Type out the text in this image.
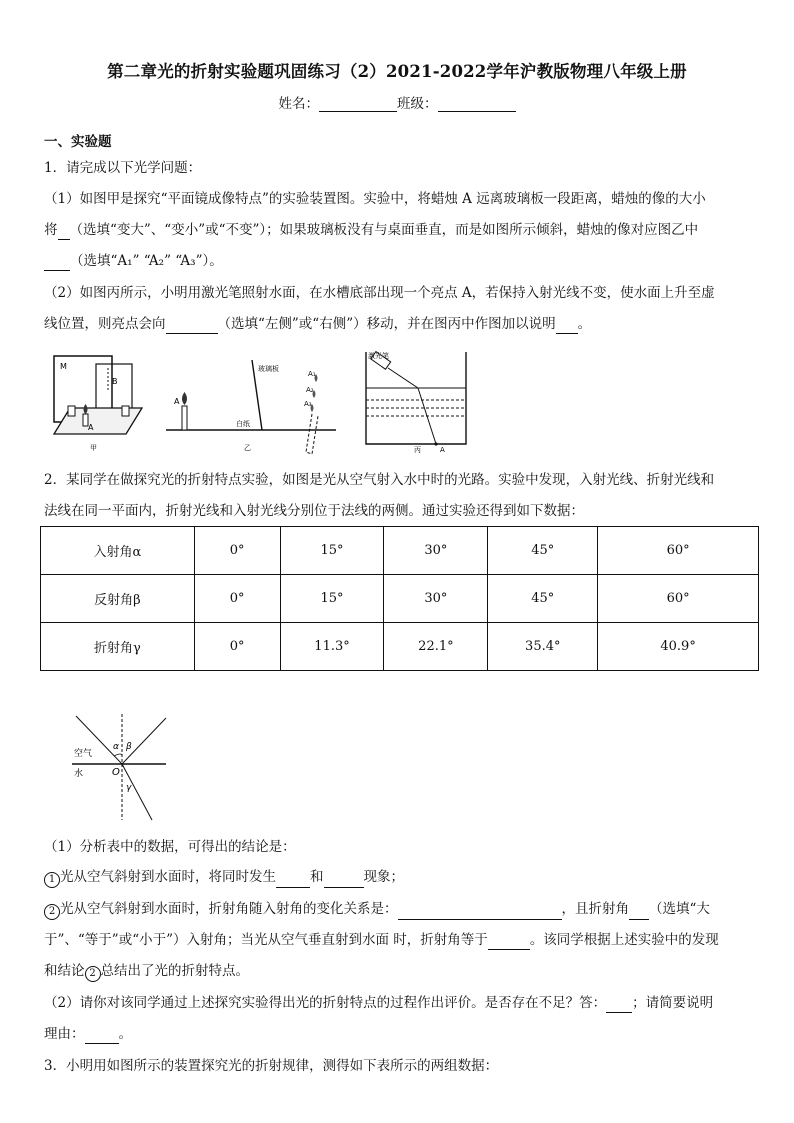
第二章光的折射实验题巩固练习（2）2021-2022学年沪教版物理八年级上册
姓名：	班级：
一、实验题
1．请完成以下光学问题：
（1）如图甲是探究“平面镜成像特点”的实验装置图。实验中，将蜡烛 A 远离玻璃板一段距离，蜡烛的像的大小
将 （选填“变大”、“变小”或“不变”）；如果玻璃板没有与桌面垂直，而是如图所示倾斜，蜡烛的像对应图乙中
（选填“A₁” “A₂” “A₃”）。
（2）如图丙所示，小明用激光笔照射水面，在水槽底部出现一个亮点 A，若保持入射光线不变，使水面上升至虚
线位置，则亮点会向	（选填“左侧”或“右侧”）移动，并在图丙中作图加以说明 。
M
B
A
甲
玻璃板
白纸
A
A₁
A₂
A₃
乙
激光笔
A
丙
2．某同学在做探究光的折射特点实验，如图是光从空气射入水中时的光路。实验中发现，入射光线、折射光线和
法线在同一平面内，折射光线和入射光线分别位于法线的两侧。通过实验还得到如下数据：
入射角α	0°	15°	30°	45°	60°
反射角β	0°	15°	30°	45°	60°
折射角γ	0°	11.3°	22.1°	35.4°	40.9°
空气
水	O
α β
γ
（1）分析表中的数据，可得出的结论是：
1 光从空气斜射到水面时，将同时发生	和	现象；
2 光从空气斜射到水面时，折射角随入射角的变化关系是：	，且折射角 （选填“大
于”、“等于”或“小于”）入射角；当光从空气垂直射到水面 时，折射角等于	。该同学根据上述实验中的发现
和结论 2 总结出了光的折射特点。
（2）请你对该同学通过上述探究实验得出光的折射特点的过程作出评价。是否存在不足？答： ；请简要说明
理由：	。
3．小明用如图所示的装置探究光的折射规律，测得如下表所示的两组数据：
